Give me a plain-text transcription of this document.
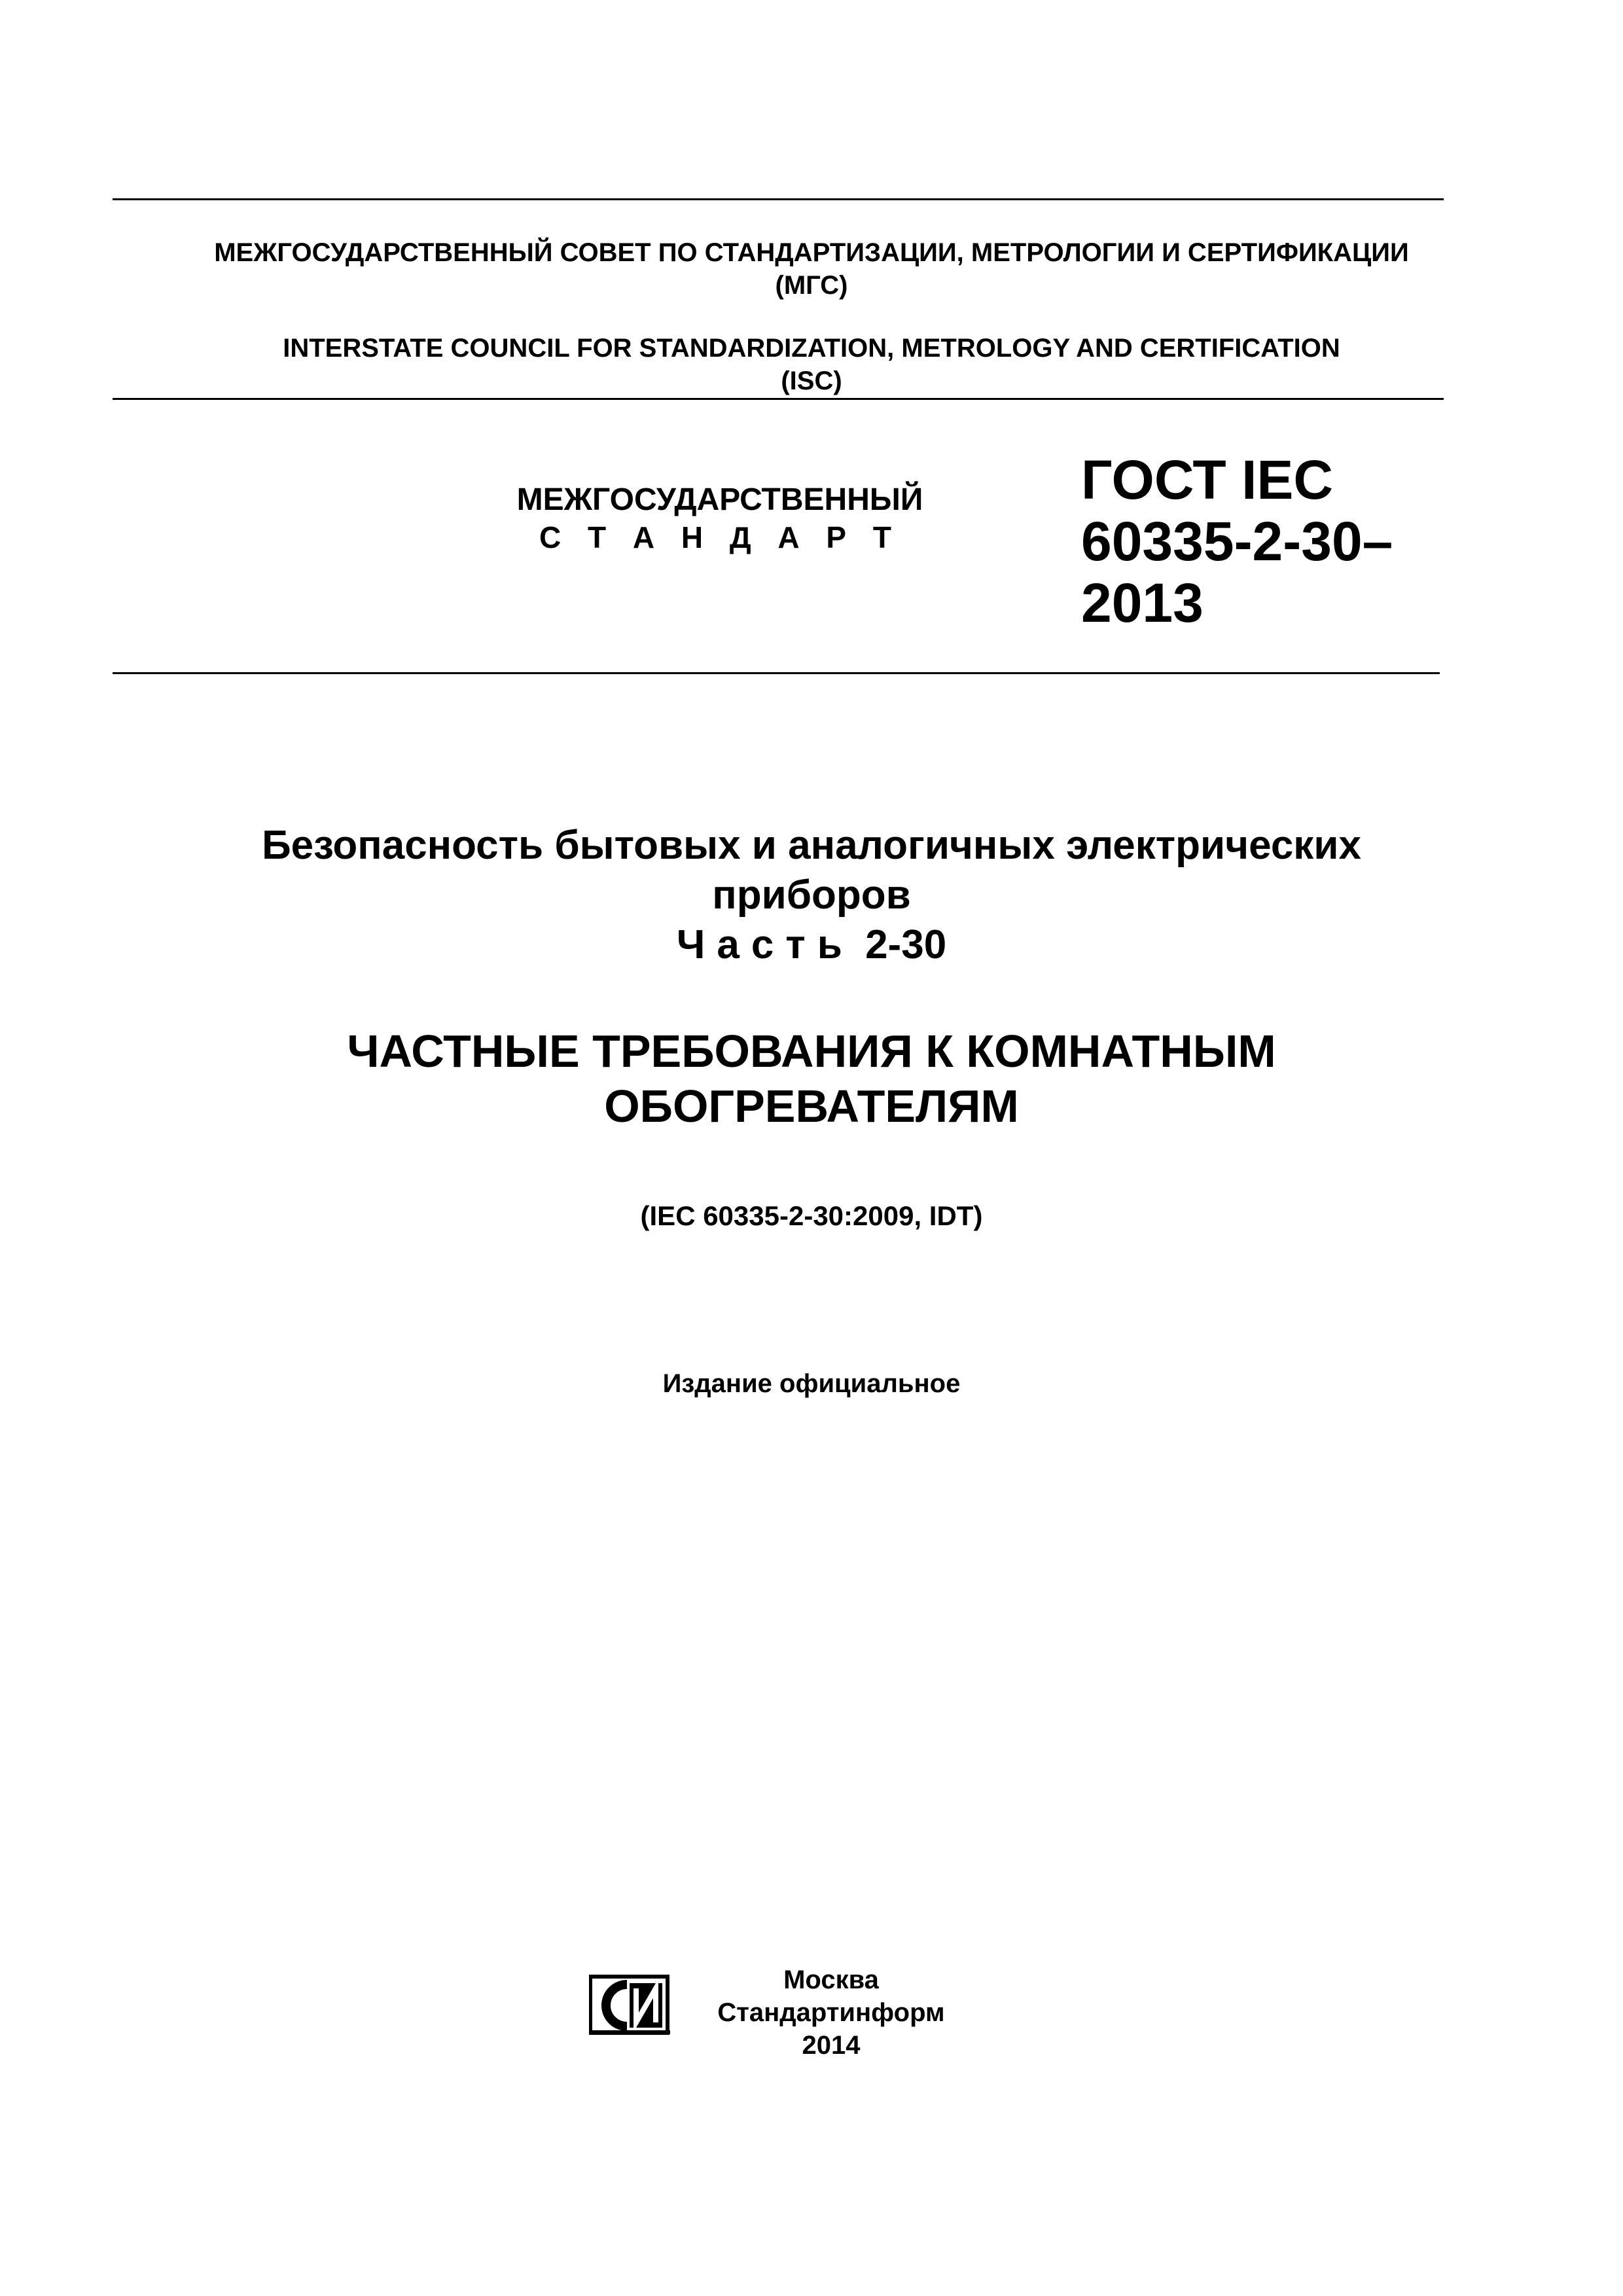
МЕЖГОСУДАРСТВЕННЫЙ СОВЕТ ПО СТАНДАРТИЗАЦИИ, МЕТРОЛОГИИ И СЕРТИФИКАЦИИ
(МГС)
INTERSTATE COUNCIL FOR STANDARDIZATION, METROLOGY AND CERTIFICATION
(ISC)
МЕЖГОСУДАРСТВЕННЫЙ
С Т А Н Д А Р Т
ГОСТ IEC
60335-2-30–
2013
Безопасность бытовых и аналогичных электрических
приборов
Часть 2-30
ЧАСТНЫЕ ТРЕБОВАНИЯ К КОМНАТНЫМ
ОБОГРЕВАТЕЛЯМ
(IEC 60335-2-30:2009, IDT)
Издание официальное
Москва
Стандартинформ
2014
